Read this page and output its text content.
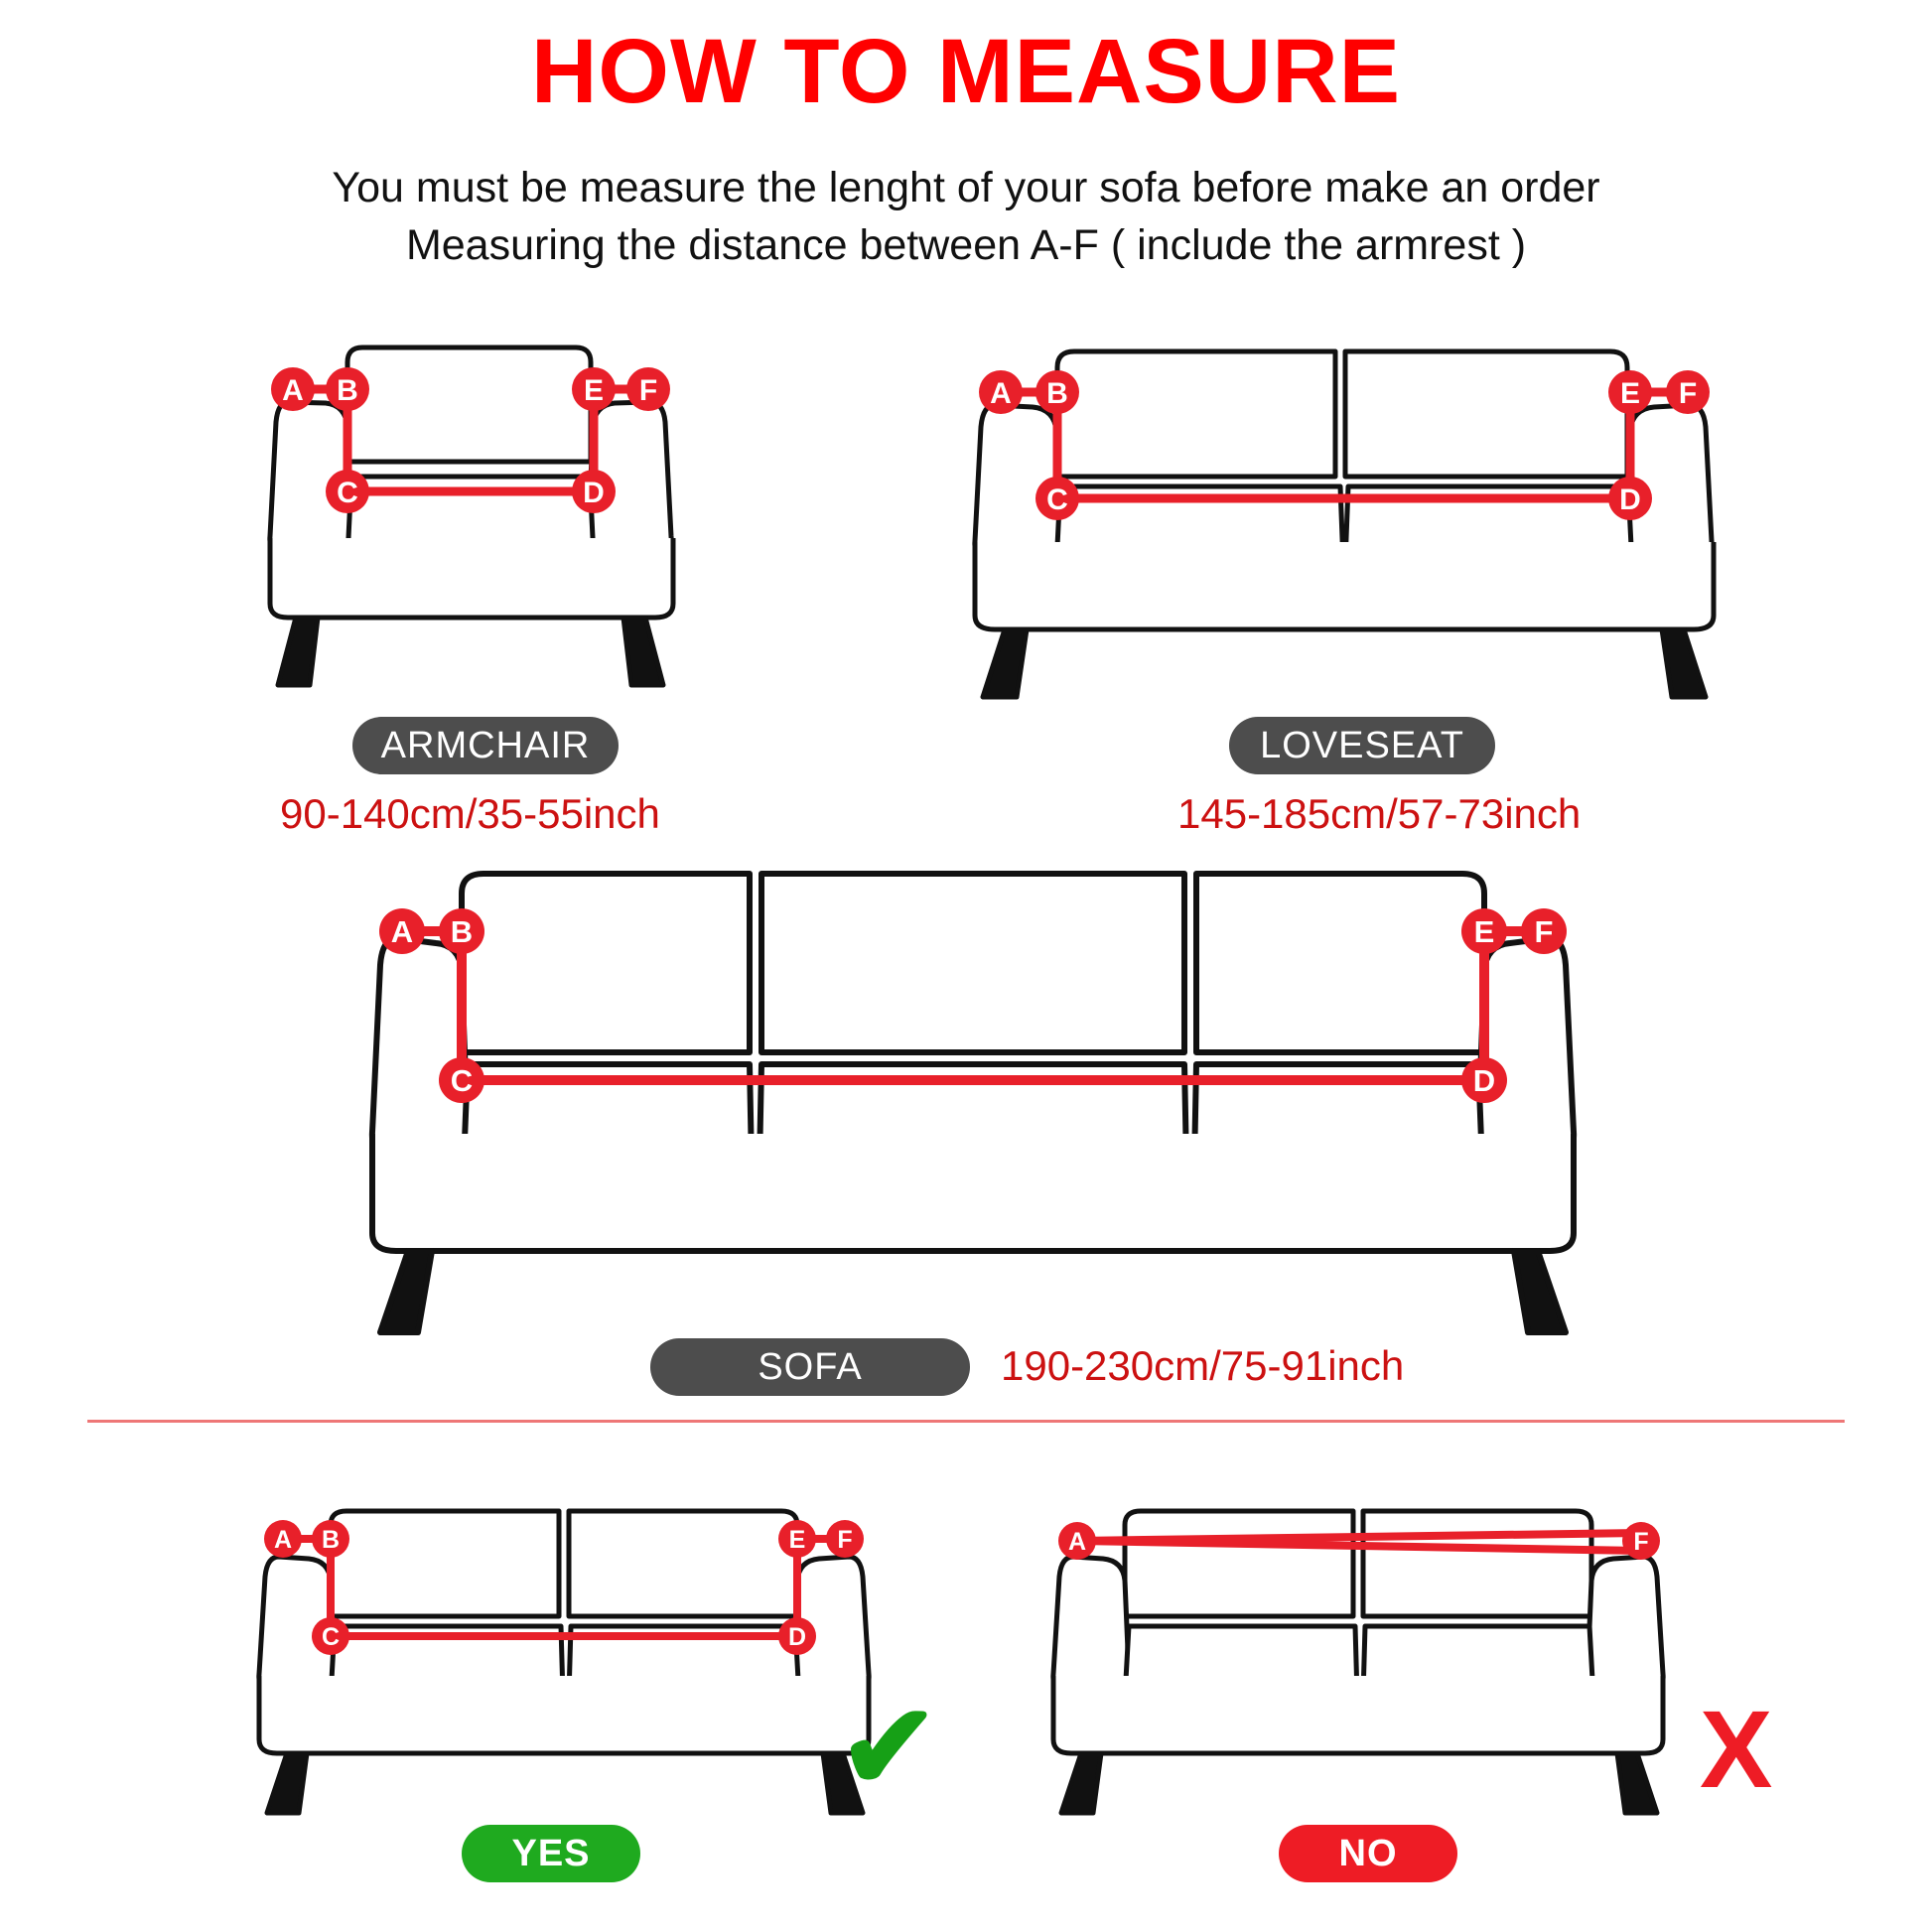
HOW TO MEASURE
You must be measure the lenght of your sofa before make an order
Measuring the distance between A-F ( include the armrest )
A B
C	D
E F
ARMCHAIR
90-140cm/35-55inch
A B
C	D
E F
LOVESEAT
145-185cm/57-73inch
A B
C	D
E F
SOFA	190-230cm/75-91inch
A B
C	D
E F
✔
YES
A	F
X
NO
